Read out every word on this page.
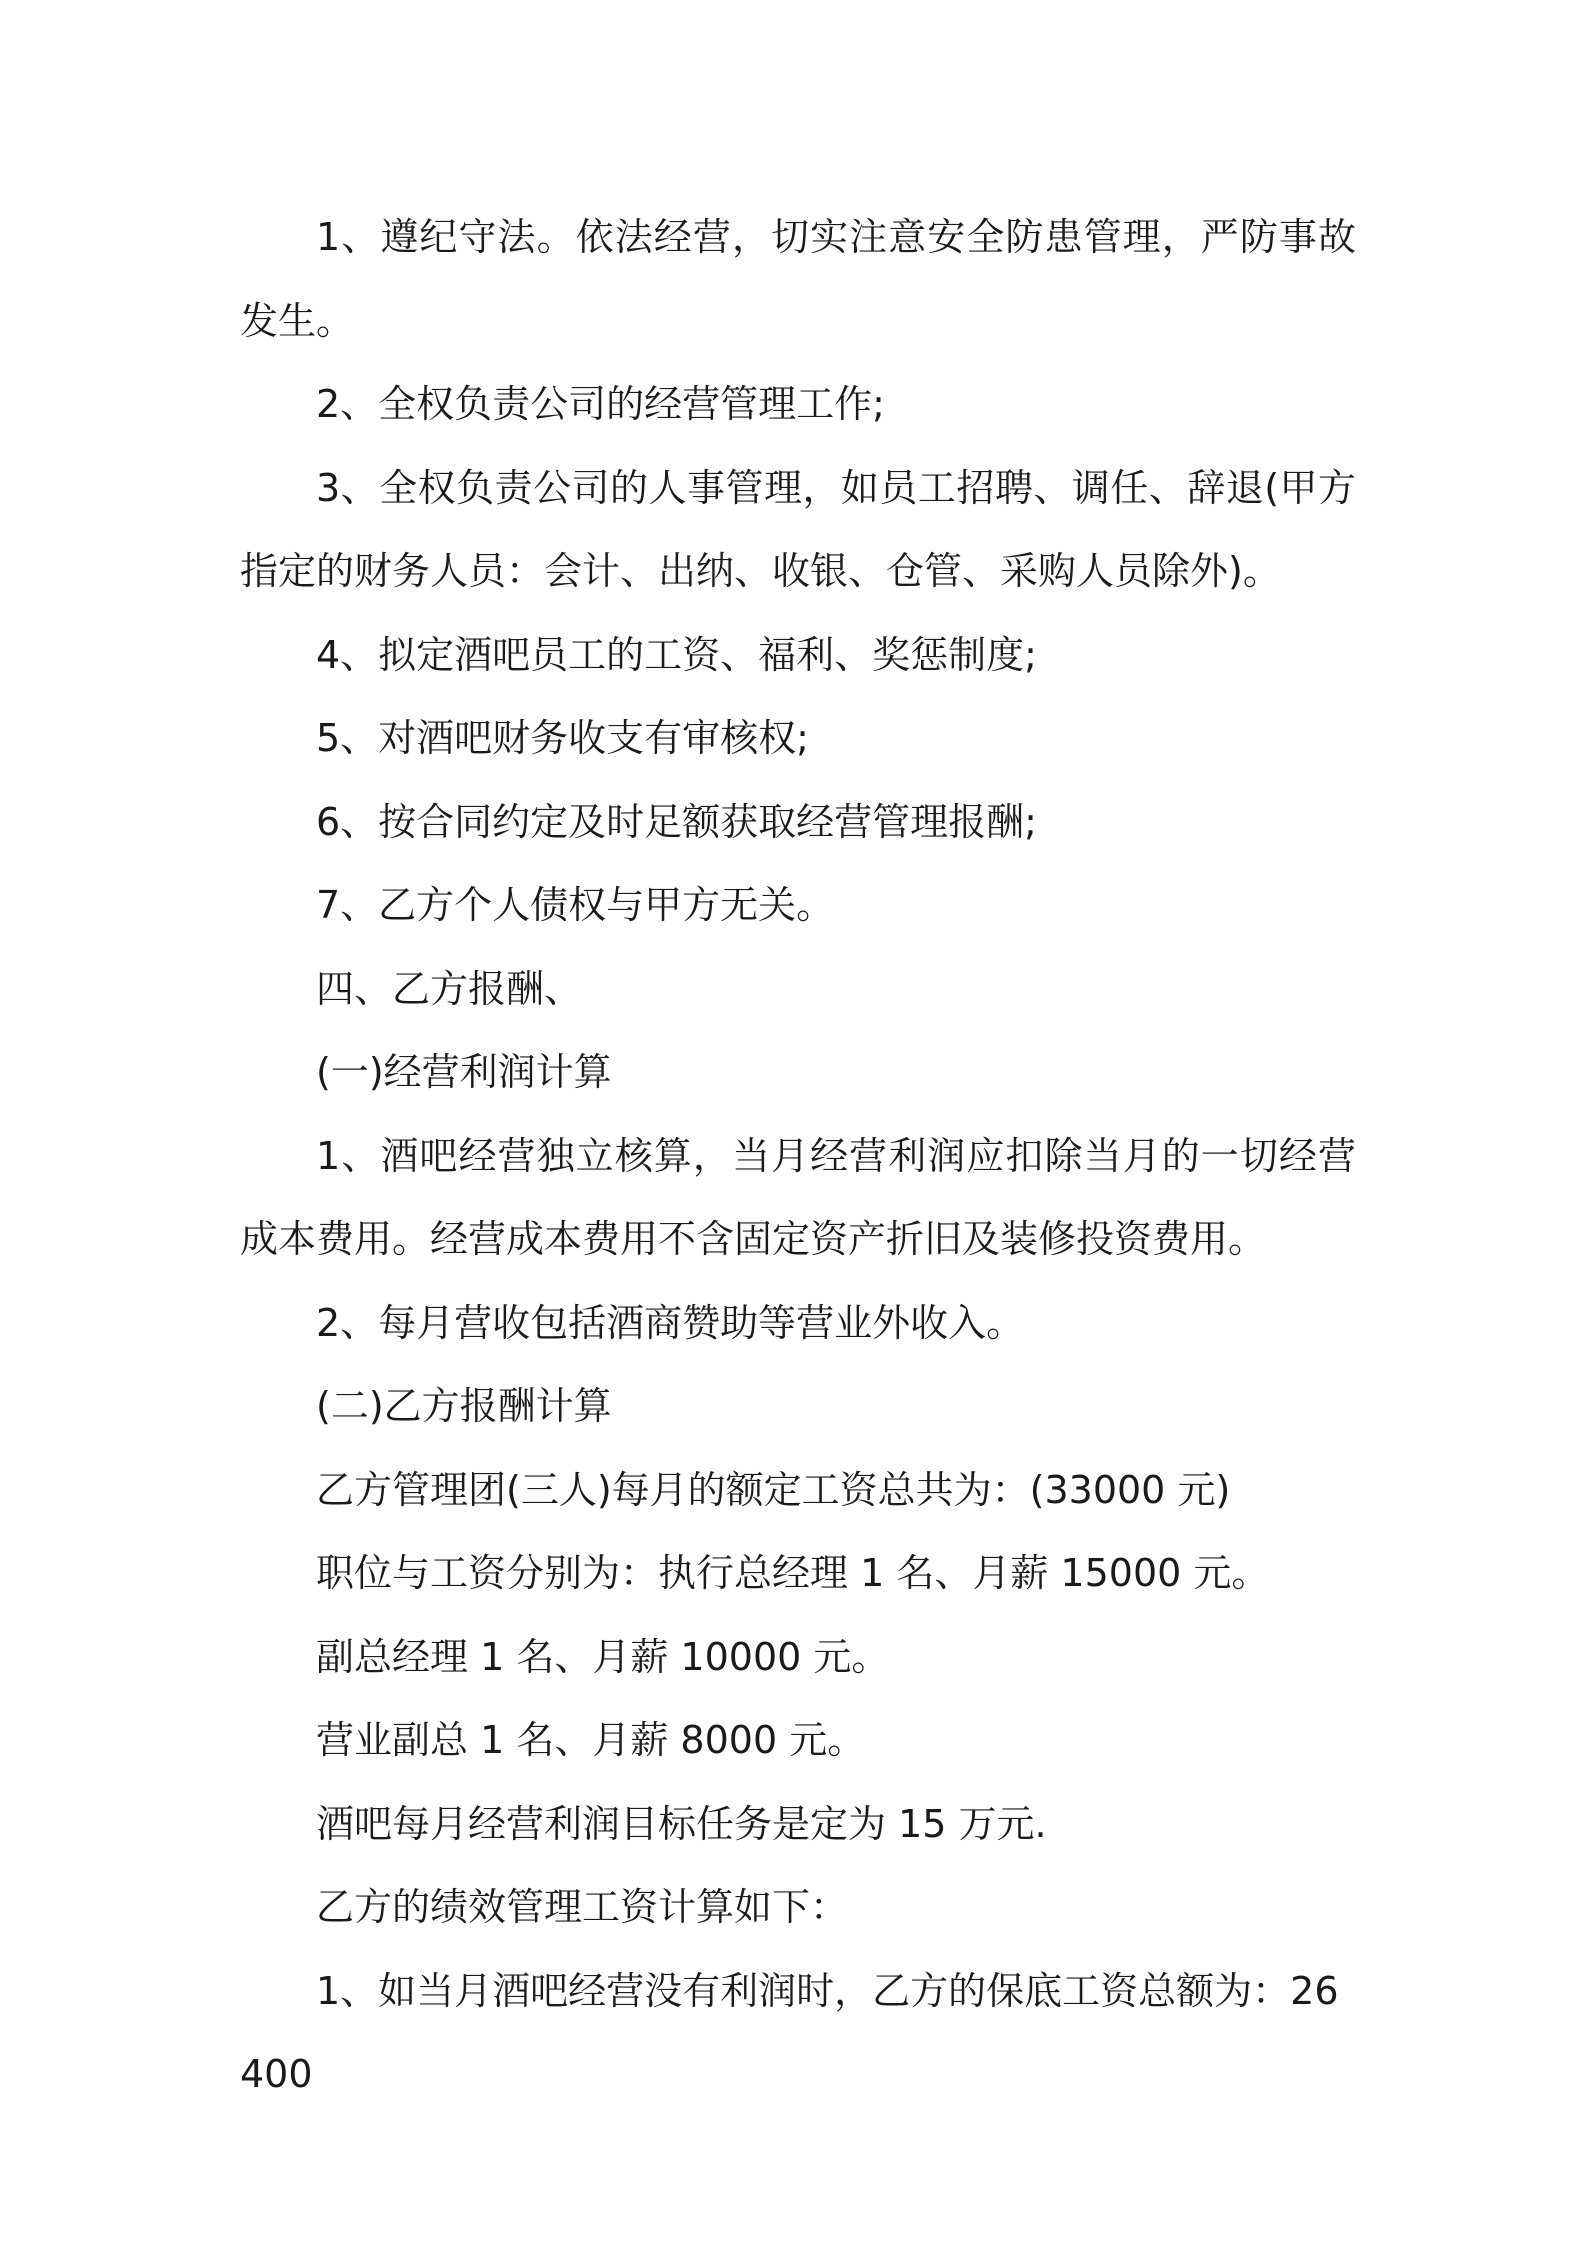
1、遵纪守法。依法经营，切实注意安全防患管理，严防事故发生。

2、全权负责公司的经营管理工作;

3、全权负责公司的人事管理，如员工招聘、调任、辞退(甲方指定的财务人员：会计、出纳、收银、仓管、采购人员除外)。

4、拟定酒吧员工的工资、福利、奖惩制度;

5、对酒吧财务收支有审核权;

6、按合同约定及时足额获取经营管理报酬;

7、乙方个人债权与甲方无关。

四、乙方报酬、

(一)经营利润计算

1、酒吧经营独立核算，当月经营利润应扣除当月的一切经营成本费用。经营成本费用不含固定资产折旧及装修投资费用。

2、每月营收包括酒商赞助等营业外收入。

(二)乙方报酬计算

乙方管理团(三人)每月的额定工资总共为：(33000 元)

职位与工资分别为：执行总经理 1 名、月薪 15000 元。

副总经理 1 名、月薪 10000 元。

营业副总 1 名、月薪 8000 元。

酒吧每月经营利润目标任务是定为 15 万元.

乙方的绩效管理工资计算如下：

1、如当月酒吧经营没有利润时，乙方的保底工资总额为：26400
